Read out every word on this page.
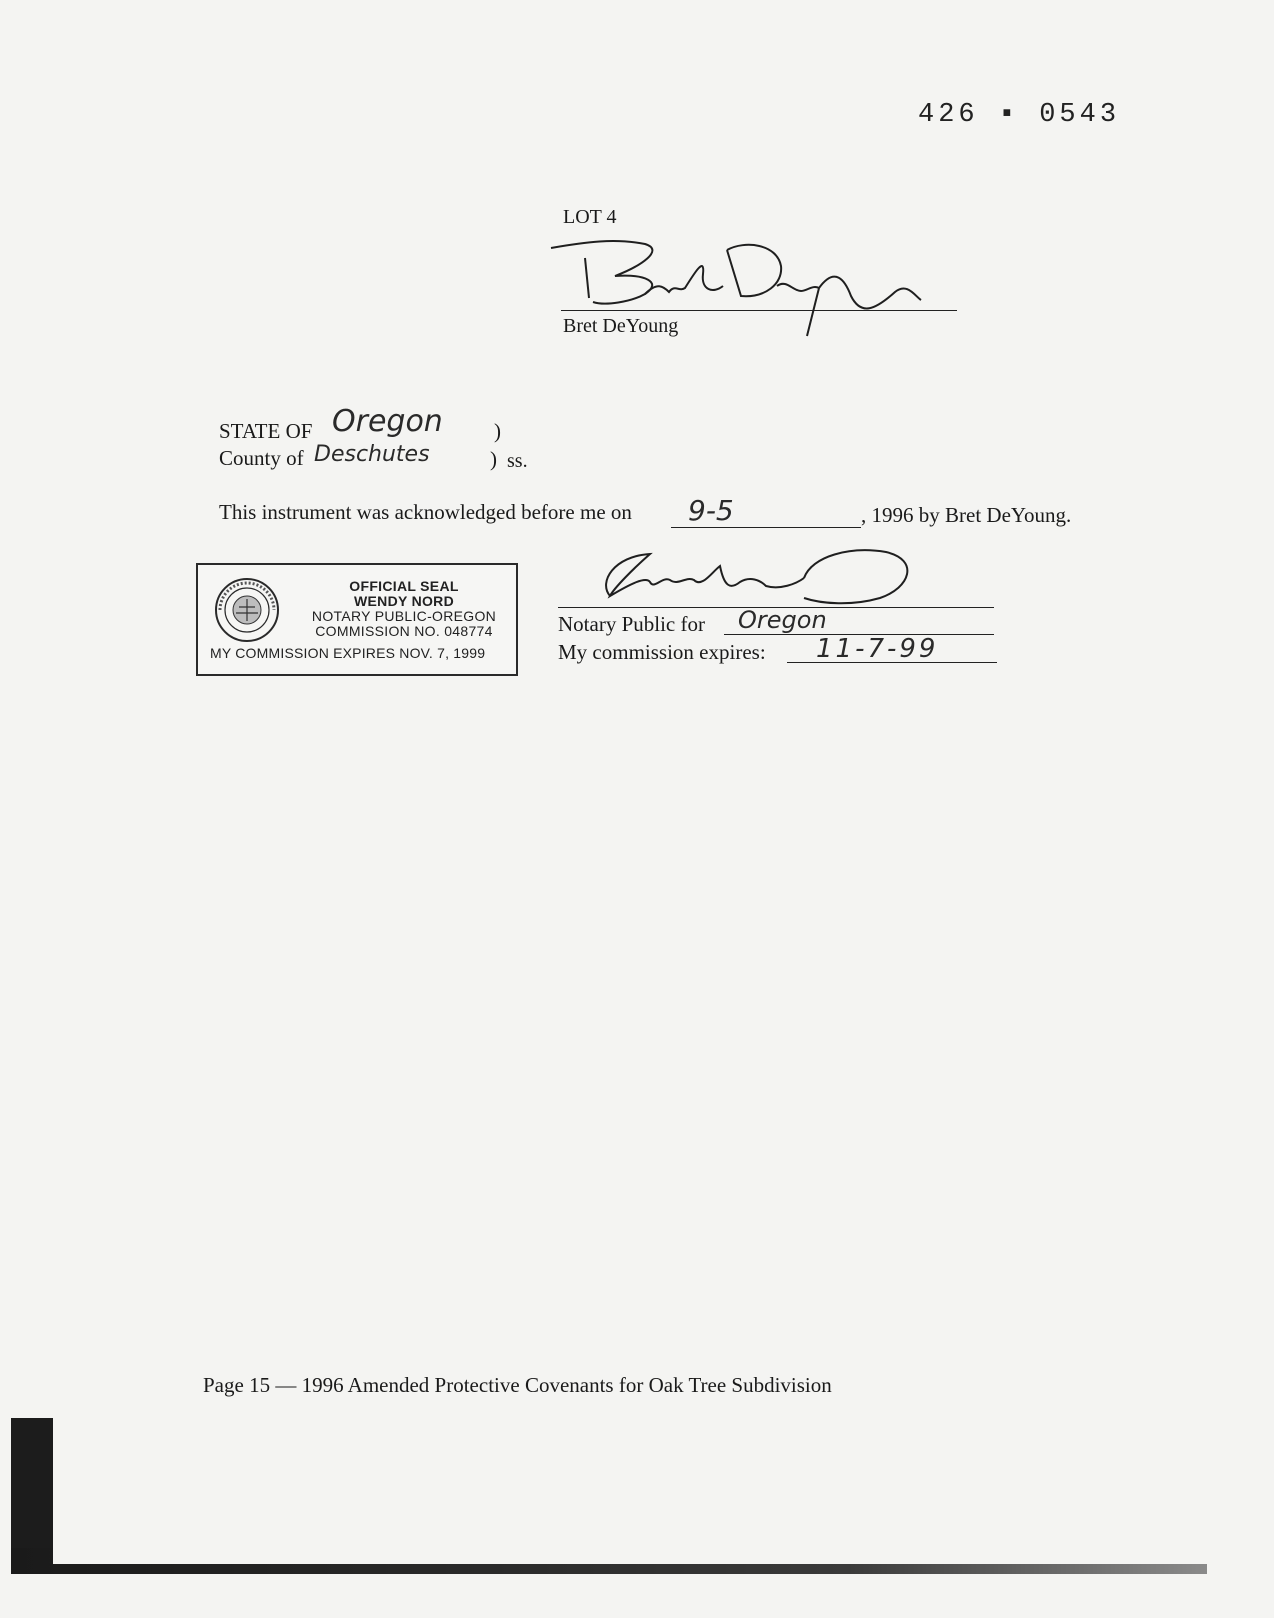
426 ▪ 0543
LOT 4
Bret DeYoung
STATE OF Oregon )
County of Deschutes	) ss.
This instrument was acknowledged before me on 9-5	, 1996 by Bret DeYoung.
OFFICIAL SEAL
WENDY NORD
NOTARY PUBLIC-OREGON
COMMISSION NO. 048774
MY COMMISSION EXPIRES NOV. 7, 1999
Notary Public for Oregon
My commission expires: 11-7-99
Page 15 — 1996 Amended Protective Covenants for Oak Tree Subdivision
